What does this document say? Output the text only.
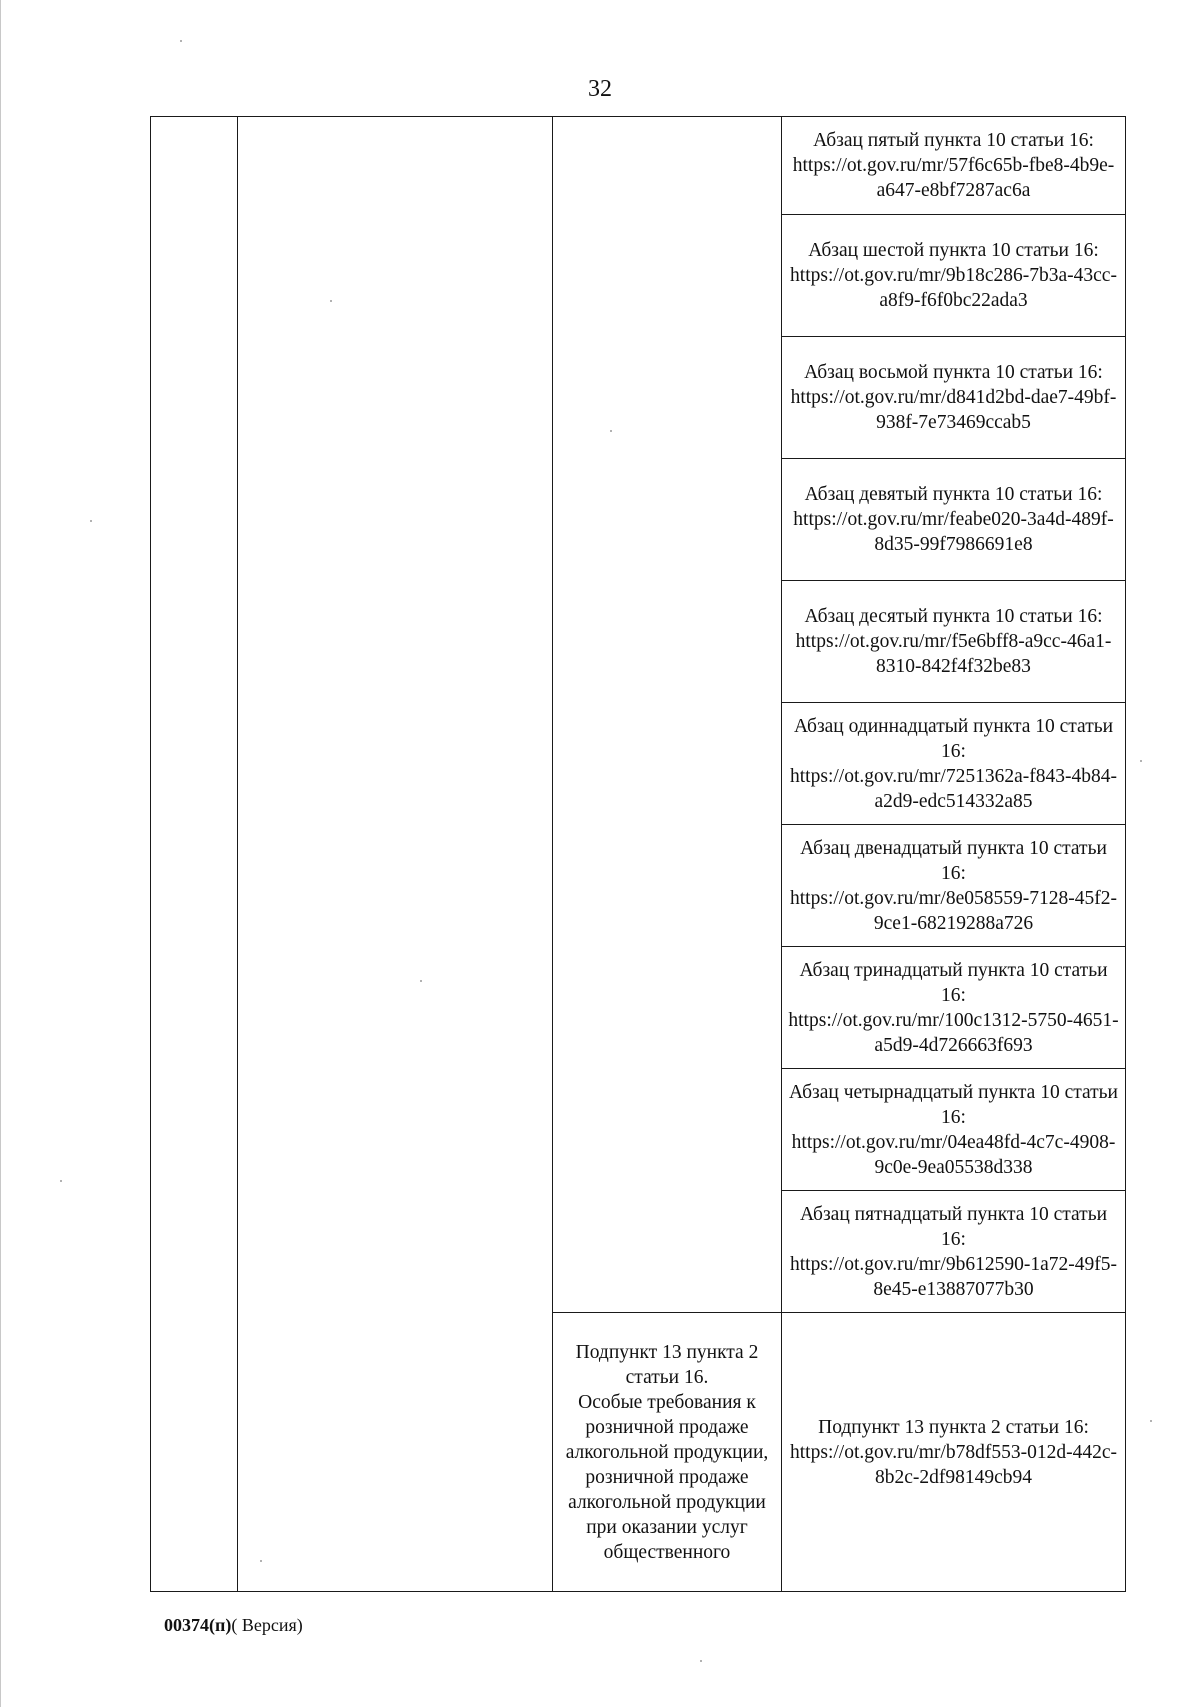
32

			Абзац пятый пункта 10 статьи 16:
https://ot.gov.ru/mr/57f6c65b-fbe8-4b9e-a647-e8bf7287ac6a

			Абзац шестой пункта 10 статьи 16:
https://ot.gov.ru/mr/9b18c286-7b3a-43cc-a8f9-f6f0bc22ada3

			Абзац восьмой пункта 10 статьи 16:
https://ot.gov.ru/mr/d841d2bd-dae7-49bf-938f-7e73469ccab5

			Абзац девятый пункта 10 статьи 16:
https://ot.gov.ru/mr/feabe020-3a4d-489f-8d35-99f7986691e8

			Абзац десятый пункта 10 статьи 16:
https://ot.gov.ru/mr/f5e6bff8-a9cc-46a1-8310-842f4f32be83

			Абзац одиннадцатый пункта 10 статьи 16:
https://ot.gov.ru/mr/7251362a-f843-4b84-a2d9-edc514332a85

			Абзац двенадцатый пункта 10 статьи 16:
https://ot.gov.ru/mr/8e058559-7128-45f2-9ce1-68219288a726

			Абзац тринадцатый пункта 10 статьи 16:
https://ot.gov.ru/mr/100c1312-5750-4651-a5d9-4d726663f693

			Абзац четырнадцатый пункта 10 статьи 16:
https://ot.gov.ru/mr/04ea48fd-4c7c-4908-9c0e-9ea05538d338

			Абзац пятнадцатый пункта 10 статьи 16:
https://ot.gov.ru/mr/9b612590-1a72-49f5-8e45-e13887077b30

		Подпункт 13 пункта 2 статьи 16.
Особые требования к розничной продаже алкогольной продукции, розничной продаже алкогольной продукции при оказании услуг общественного	Подпункт 13 пункта 2 статьи 16:
https://ot.gov.ru/mr/b78df553-012d-442c-8b2c-2df98149cb94
00374(п)( Версия)
